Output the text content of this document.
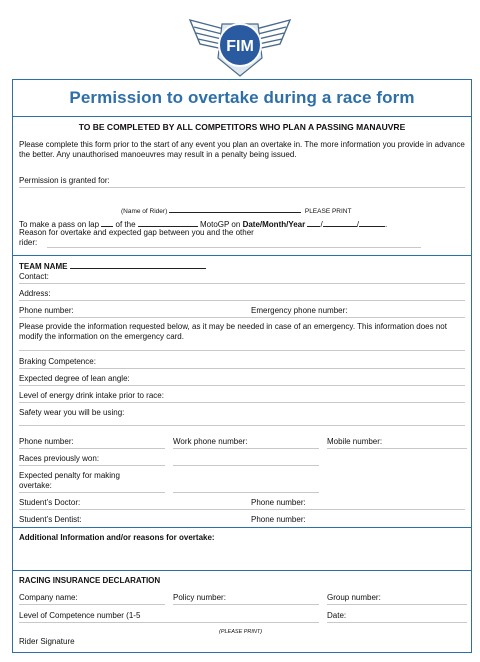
FIM
Permission to overtake during a race form
TO BE COMPLETED BY ALL COMPETITORS WHO PLAN A PASSING MANAUVRE
Please complete this form prior to the start of any event you plan an overtake in. The more information you provide in advance the better. Any unauthorised manoeuvres may result in a penalty being issued.
Permission is granted for:
(Name of Rider)	PLEASE PRINT
To make a pass on lap of the	MotoGP on Date/Month/Year /	/	.
Reason for overtake and expected gap between you and the other
rider:
TEAM NAME
Contact:
Address:
Phone number:	Emergency phone number:
Please provide the information requested below, as it may be needed in case of an emergency. This information does not modify the information on the emergency card.
Braking Competence:
Expected degree of lean angle:
Level of energy drink intake prior to race:
Safety wear you will be using:
Phone number:	Work phone number:	Mobile number:
Races previously won:
Expected penalty for making
overtake:
Student’s Doctor:	Phone number:
Student’s Dentist:	Phone number:
Additional Information and/or reasons for overtake:
RACING INSURANCE DECLARATION
Company name:	Policy number:	Group number:
Level of Competence number (1-5	Date:
(PLEASE PRINT)
Rider Signature
